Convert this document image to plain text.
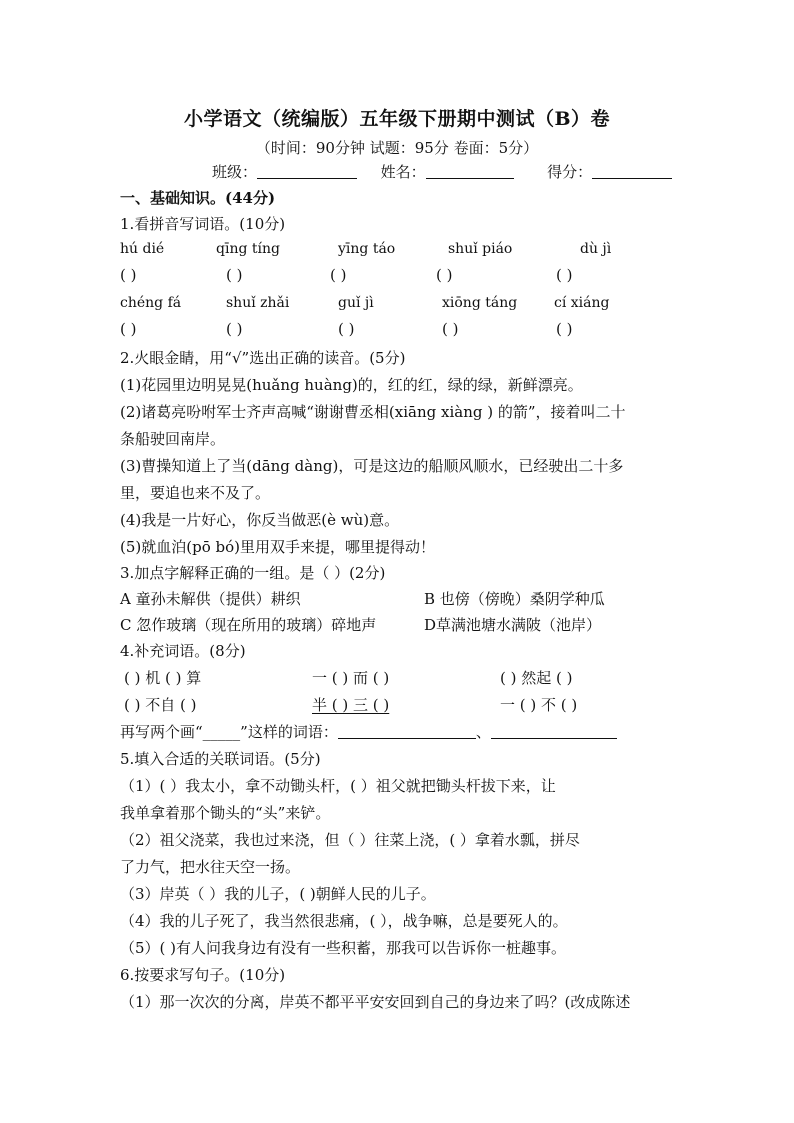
小学语文（统编版）五年级下册期中测试（B）卷
（时间：90分钟 试题：95分 卷面：5分）
班级：	姓名：	得分：
一、基础知识。(44分)
1.看拼音写词语。(10分)
hú dié	qīng tíng	yīng táo	shuǐ piáo	dù jì
( )	( )	( )	( )	( )
chéng fá	shuǐ zhǎi	guǐ jì	xiōng táng	cí xiáng
( )	( )	( )	( )	( )
2.火眼金睛，用“√”选出正确的读音。(5分)
(1)花园里边明晃晃(huǎng huàng)的，红的红，绿的绿，新鲜漂亮。
(2)诸葛亮吩咐军士齐声高喊“谢谢曹丞相(xiāng xiàng ) 的箭”，接着叫二十
条船驶回南岸。
(3)曹操知道上了当(dāng dàng)，可是这边的船顺风顺水，已经驶出二十多
里，要追也来不及了。
(4)我是一片好心，你反当做恶(è wù)意。
(5)就血泊(pō bó)里用双手来提，哪里提得动！
3.加点字解释正确的一组。是（ ）(2分)
A 童孙未解供（提供）耕织	B 也傍（傍晚）桑阴学种瓜
C 忽作玻璃（现在所用的玻璃）碎地声	D草满池塘水满陂（池岸）
4.补充词语。(8分)
( ) 机 ( ) 算	一 ( ) 而 ( )	( ) 然起 ( )
( ) 不自 ( )	半 ( ) 三 ( )	一 ( ) 不 ( )
再写两个画“_____”这样的词语：	、
5.填入合适的关联词语。(5分)
（1）( ）我太小，拿不动锄头杆，( ）祖父就把锄头杆拔下来，让
我单拿着那个锄头的“头”来铲。
（2）祖父浇菜，我也过来浇，但（ ）往菜上浇，( ）拿着水瓢，拼尽
了力气，把水往天空一扬。
（3）岸英（ ）我的儿子，( )朝鲜人民的儿子。
（4）我的儿子死了，我当然很悲痛，( ），战争嘛，总是要死人的。
（5）( )有人问我身边有没有一些积蓄，那我可以告诉你一桩趣事。
6.按要求写句子。(10分)
（1）那一次次的分离，岸英不都平平安安回到自己的身边来了吗？(改成陈述
